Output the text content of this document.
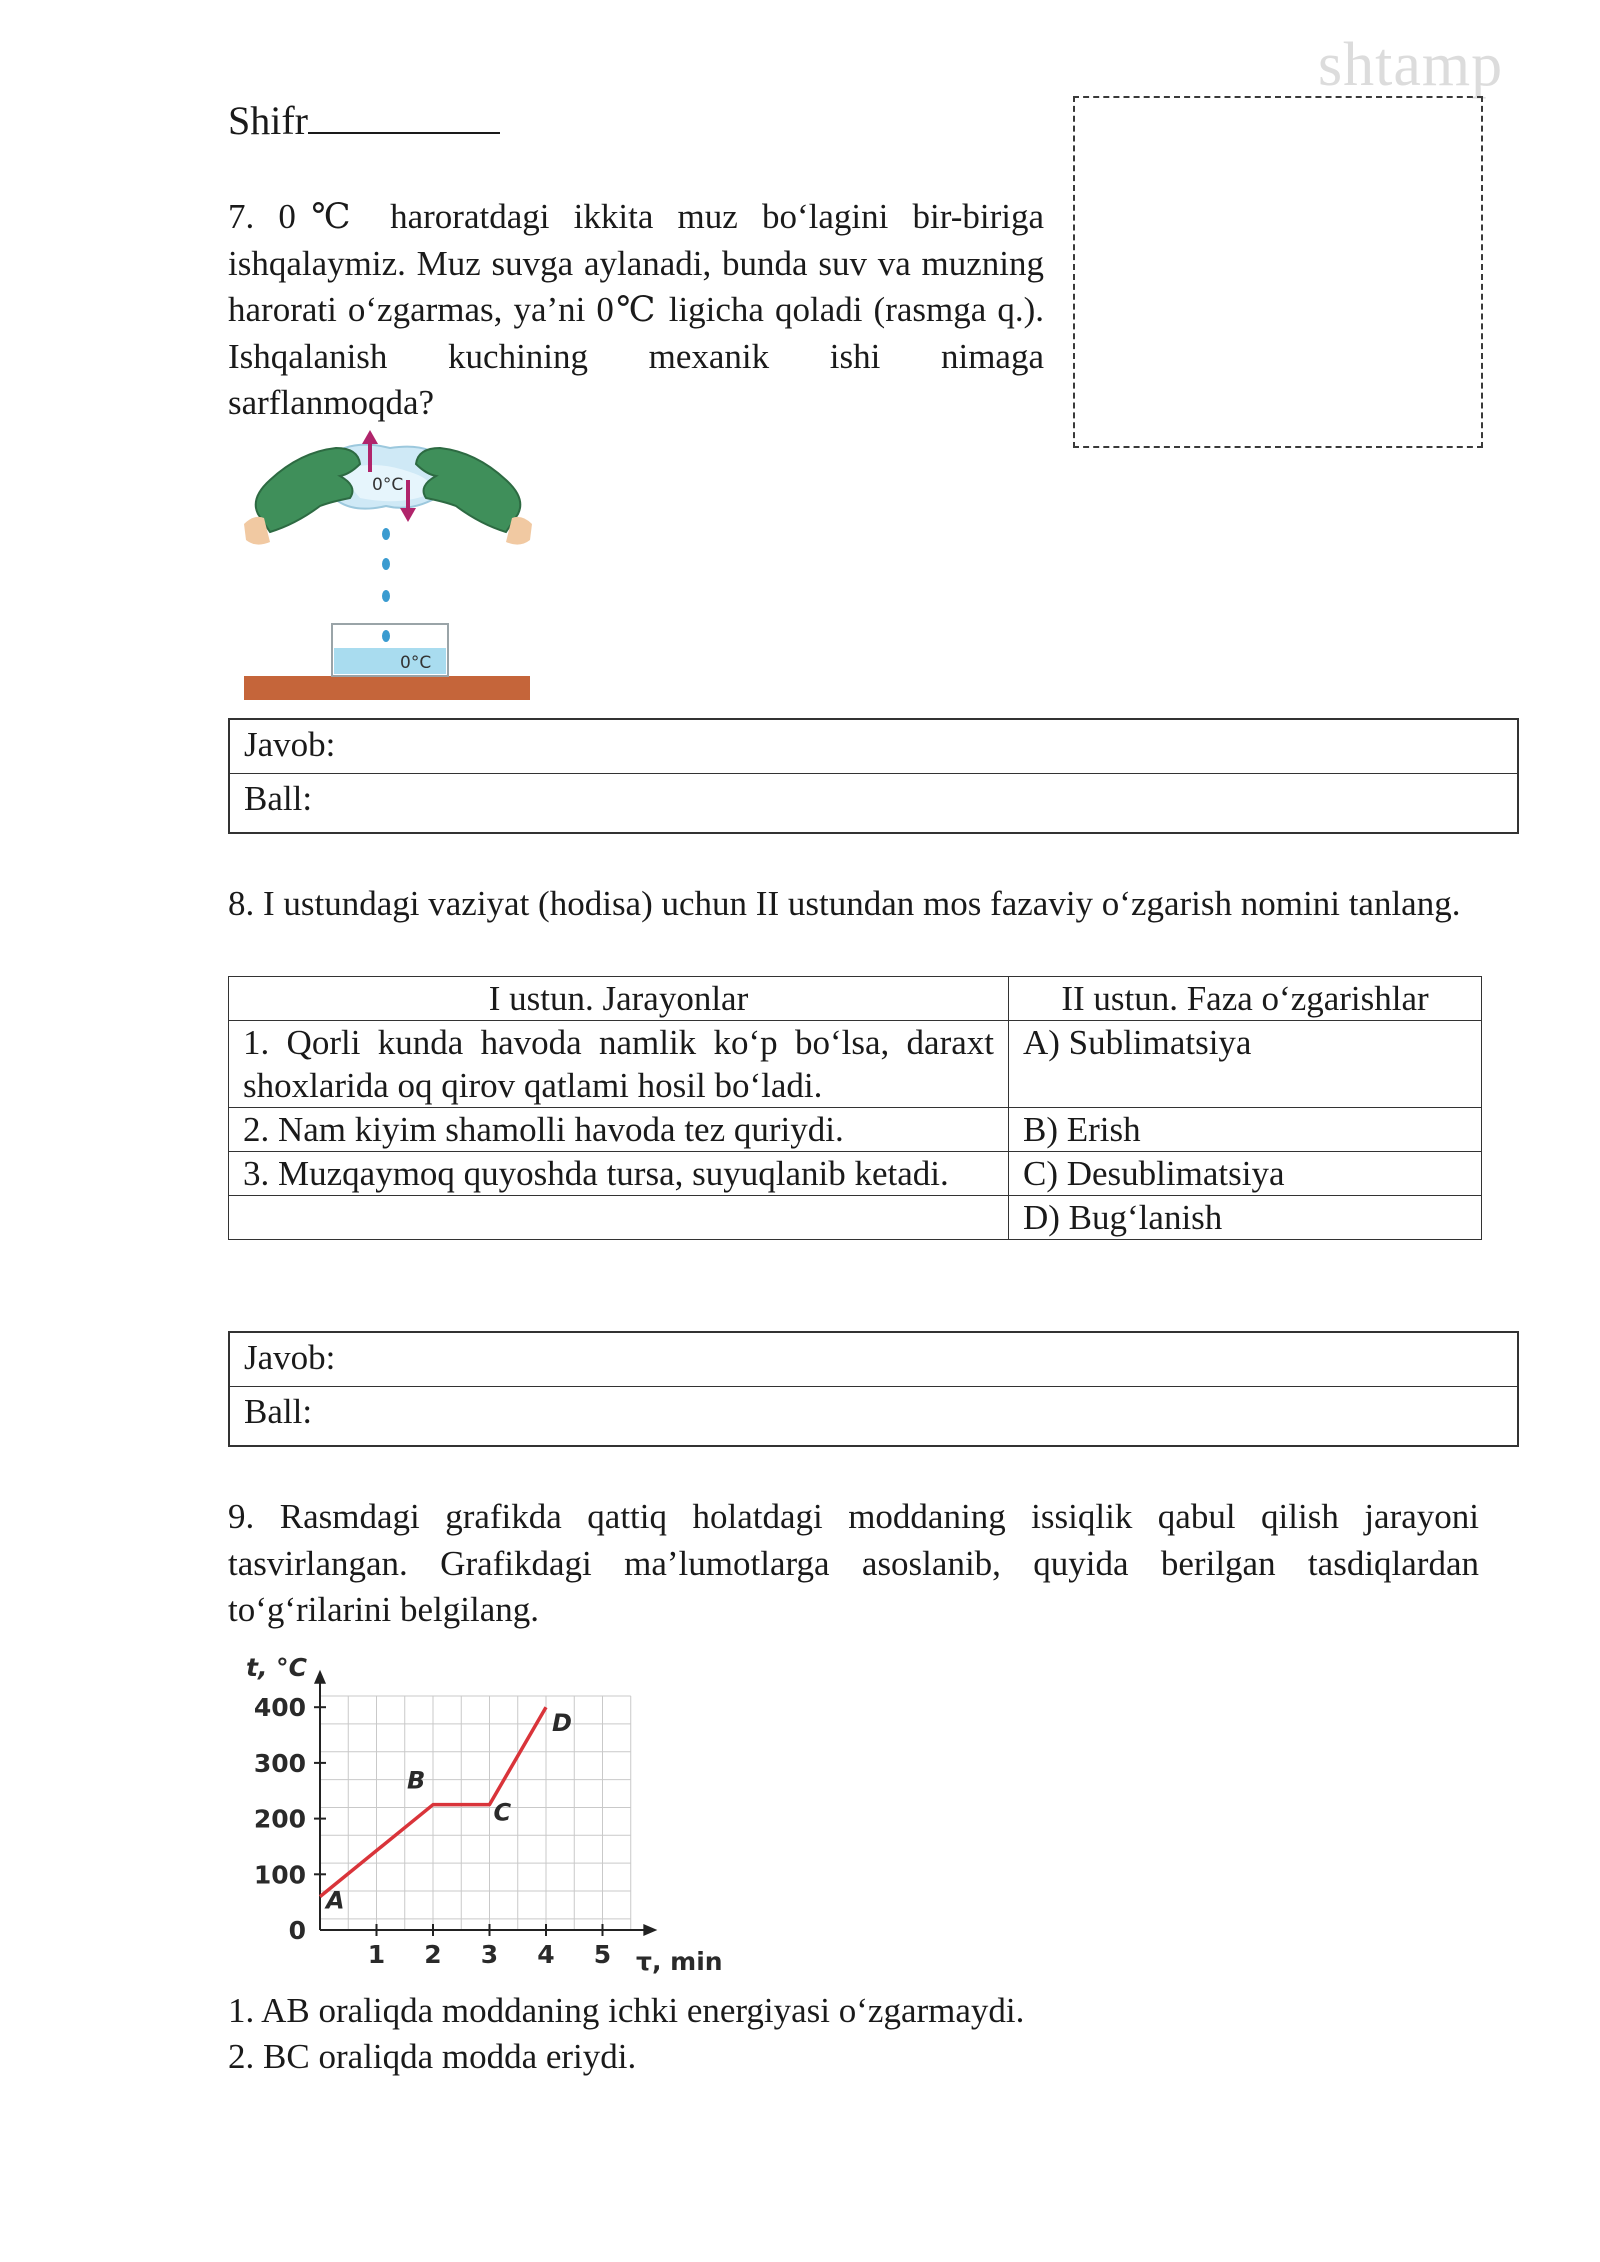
shtamp
Shifr
7. 0℃ haroratdagi ikkita muz bo‘lagini bir-biriga ishqalaymiz. Muz suvga aylanadi, bunda suv va muzning harorati o‘zgarmas, ya’ni 0℃ ligicha qoladi (rasmga q.). Ishqalanish kuchining mexanik ishi nimaga sarflanmoqda?
0°C
0°C
Javob:
Ball:
8. I ustundagi vaziyat (hodisa) uchun II ustundan mos fazaviy o‘zgarish nomini tanlang.
I ustun. Jarayonlar	II ustun. Faza o‘zgarishlar
1. Qorli kunda havoda namlik ko‘p bo‘lsa, daraxt shoxlarida oq qirov qatlami hosil bo‘ladi.	A) Sublimatsiya
2. Nam kiyim shamolli havoda tez quriydi.	B) Erish
3. Muzqaymoq quyoshda tursa, suyuqlanib ketadi.	C) Desublimatsiya
	D) Bug‘lanish
Javob:
Ball:
9. Rasmdagi grafikda qattiq holatdagi moddaning issiqlik qabul qilish jarayoni tasvirlangan. Grafikdagi ma’lumotlarga asoslanib, quyida berilgan tasdiqlardan to‘g‘rilarini belgilang.
1 2 3 4 5
0
100
200
300
400
A
B
C
D
t, °C
τ, min
1. AB oraliqda moddaning ichki energiyasi o‘zgarmaydi.
2. BC oraliqda modda eriydi.
